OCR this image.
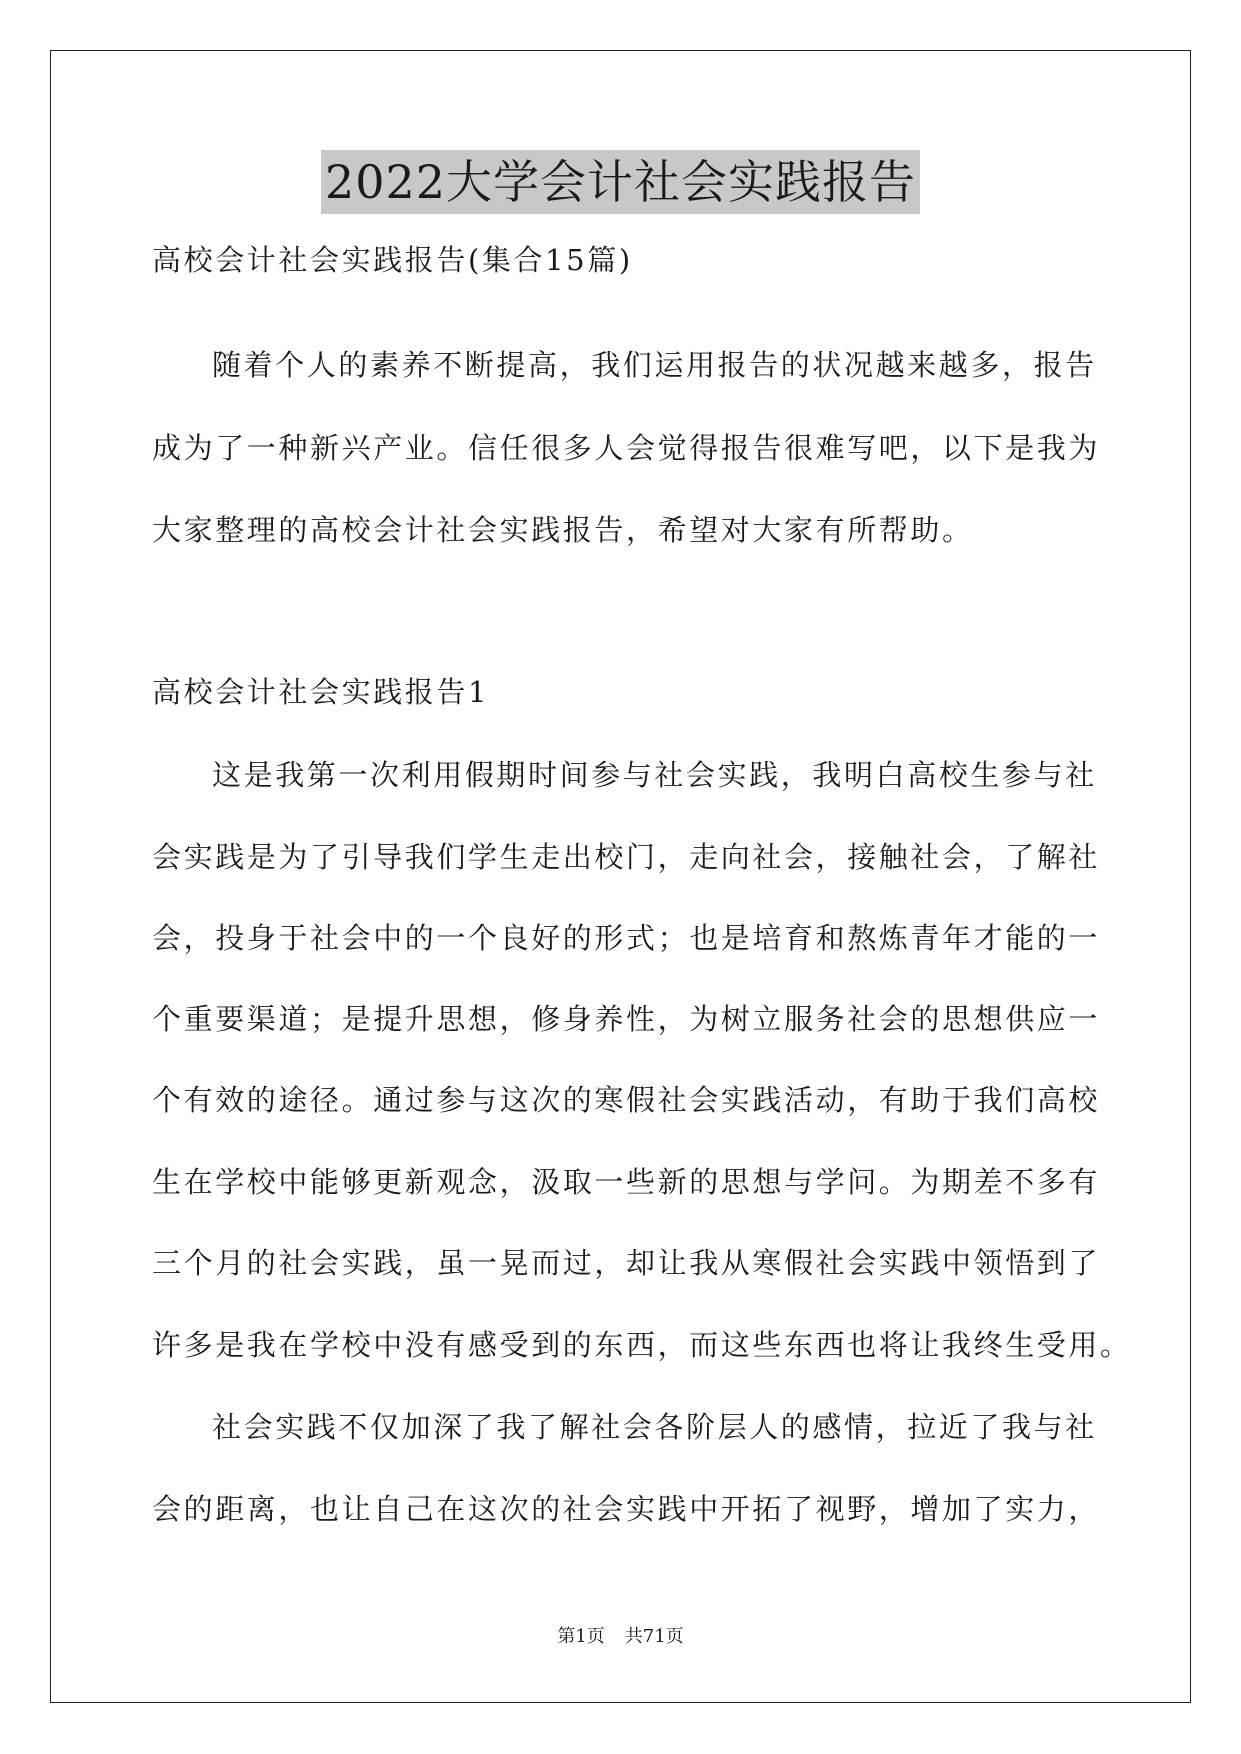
2022大学会计社会实践报告
高校会计社会实践报告(集合15篇)
随着个人的素养不断提高，我们运用报告的状况越来越多，报告
成为了一种新兴产业。信任很多人会觉得报告很难写吧，以下是我为
大家整理的高校会计社会实践报告，希望对大家有所帮助。
高校会计社会实践报告1
这是我第一次利用假期时间参与社会实践，我明白高校生参与社
会实践是为了引导我们学生走出校门，走向社会，接触社会，了解社
会，投身于社会中的一个良好的形式；也是培育和熬炼青年才能的一
个重要渠道；是提升思想，修身养性，为树立服务社会的思想供应一
个有效的途径。通过参与这次的寒假社会实践活动，有助于我们高校
生在学校中能够更新观念，汲取一些新的思想与学问。为期差不多有
三个月的社会实践，虽一晃而过，却让我从寒假社会实践中领悟到了
许多是我在学校中没有感受到的东西，而这些东西也将让我终生受用。
社会实践不仅加深了我了解社会各阶层人的感情，拉近了我与社
会的距离，也让自己在这次的社会实践中开拓了视野，增加了实力，
第1页 共71页
